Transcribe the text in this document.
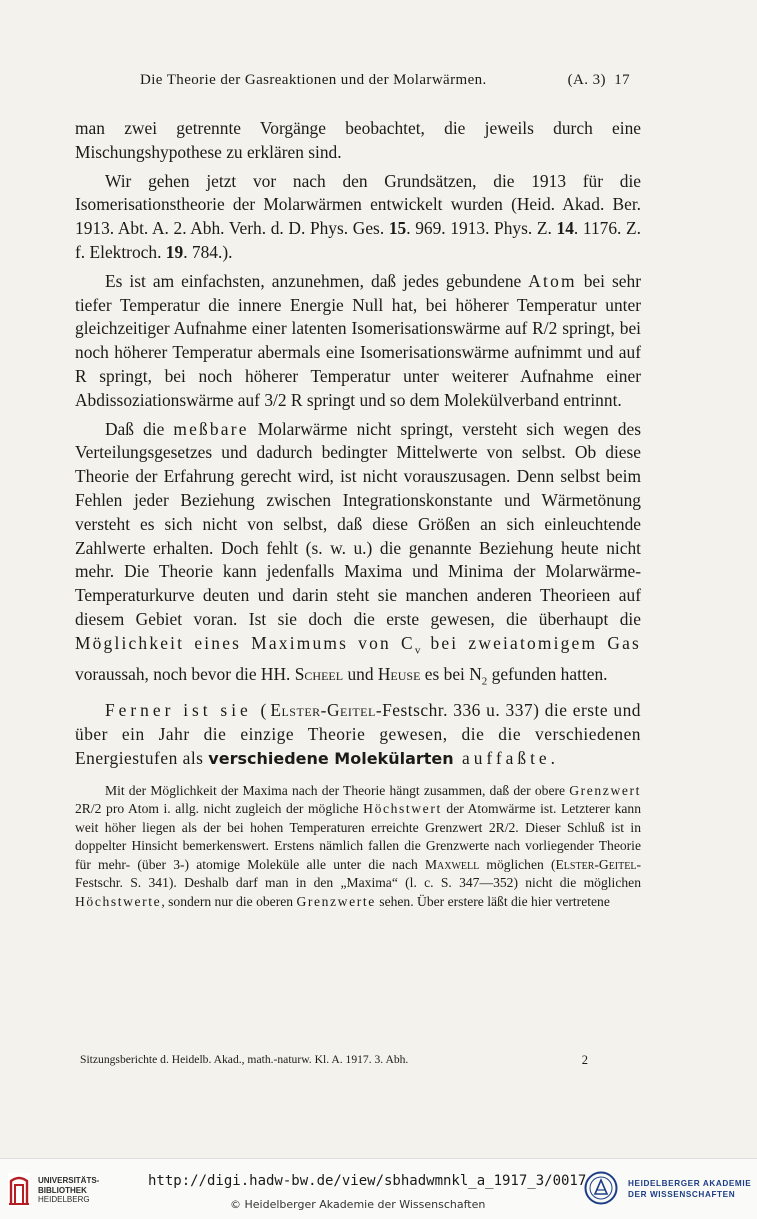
Die Theorie der Gasreaktionen und der Molarwärmen.	(A. 3) 17

man zwei getrennte Vorgänge beobachtet, die jeweils durch eine Mischungshypothese zu erklären sind.

Wir gehen jetzt vor nach den Grundsätzen, die 1913 für die Isomerisationstheorie der Molarwärmen entwickelt wurden (Heid. Akad. Ber. 1913. Abt. A. 2. Abh. Verh. d. D. Phys. Ges. 15. 969. 1913. Phys. Z. 14. 1176. Z. f. Elektroch. 19. 784.).

Es ist am einfachsten, anzunehmen, daß jedes gebundene Atom bei sehr tiefer Temperatur die innere Energie Null hat, bei höherer Temperatur unter gleichzeitiger Aufnahme einer latenten Isomerisationswärme auf R/2 springt, bei noch höherer Temperatur abermals eine Isomerisationswärme aufnimmt und auf R springt, bei noch höherer Temperatur unter weiterer Aufnahme einer Abdissoziationswärme auf 3/2 R springt und so dem Molekülverband entrinnt.

Daß die meßbare Molarwärme nicht springt, versteht sich wegen des Verteilungsgesetzes und dadurch bedingter Mittelwerte von selbst. Ob diese Theorie der Erfahrung gerecht wird, ist nicht vorauszusagen. Denn selbst beim Fehlen jeder Beziehung zwischen Integrationskonstante und Wärmetönung versteht es sich nicht von selbst, daß diese Größen an sich einleuchtende Zahlwerte erhalten. Doch fehlt (s. w. u.) die genannte Beziehung heute nicht mehr. Die Theorie kann jedenfalls Maxima und Minima der Molarwärme-Temperaturkurve deuten und darin steht sie manchen anderen Theorieen auf diesem Gebiet voran. Ist sie doch die erste gewesen, die überhaupt die Möglichkeit eines Maximums von $C_v$ bei zweiatomigem Gas voraussah, noch bevor die HH. Scheel und Heuse es bei $N_2$ gefunden hatten.

Ferner ist sie (Elster-Geitel-Festschr. 336 u. 337) die erste und über ein Jahr die einzige Theorie gewesen, die die verschiedenen Energiestufen als verschiedene Molekülarten auffaßte.

Mit der Möglichkeit der Maxima nach der Theorie hängt zusammen, daß der obere Grenzwert 2R/2 pro Atom i. allg. nicht zugleich der mögliche Höchstwert der Atomwärme ist. Letzterer kann weit höher liegen als der bei hohen Temperaturen erreichte Grenzwert 2R/2. Dieser Schluß ist in doppelter Hinsicht bemerkenswert. Erstens nämlich fallen die Grenzwerte nach vorliegender Theorie für mehr- (über 3-) atomige Moleküle alle unter die nach Maxwell möglichen (Elster-Geitel-Festschr. S. 341). Deshalb darf man in den „Maxima“ (l. c. S. 347—352) nicht die möglichen Höchstwerte, sondern nur die oberen Grenzwerte sehen. Über erstere läßt die hier vertretene

Sitzungsberichte d. Heidelb. Akad., math.-naturw. Kl. A. 1917. 3. Abh.	2
UNIVERSITÄTS-
BIBLIOTHEK
HEIDELBERG
http://digi.hadw-bw.de/view/sbhadwmnkl_a_1917_3/0017
© Heidelberger Akademie der Wissenschaften
HEIDELBERGER AKADEMIE
DER WISSENSCHAFTEN
